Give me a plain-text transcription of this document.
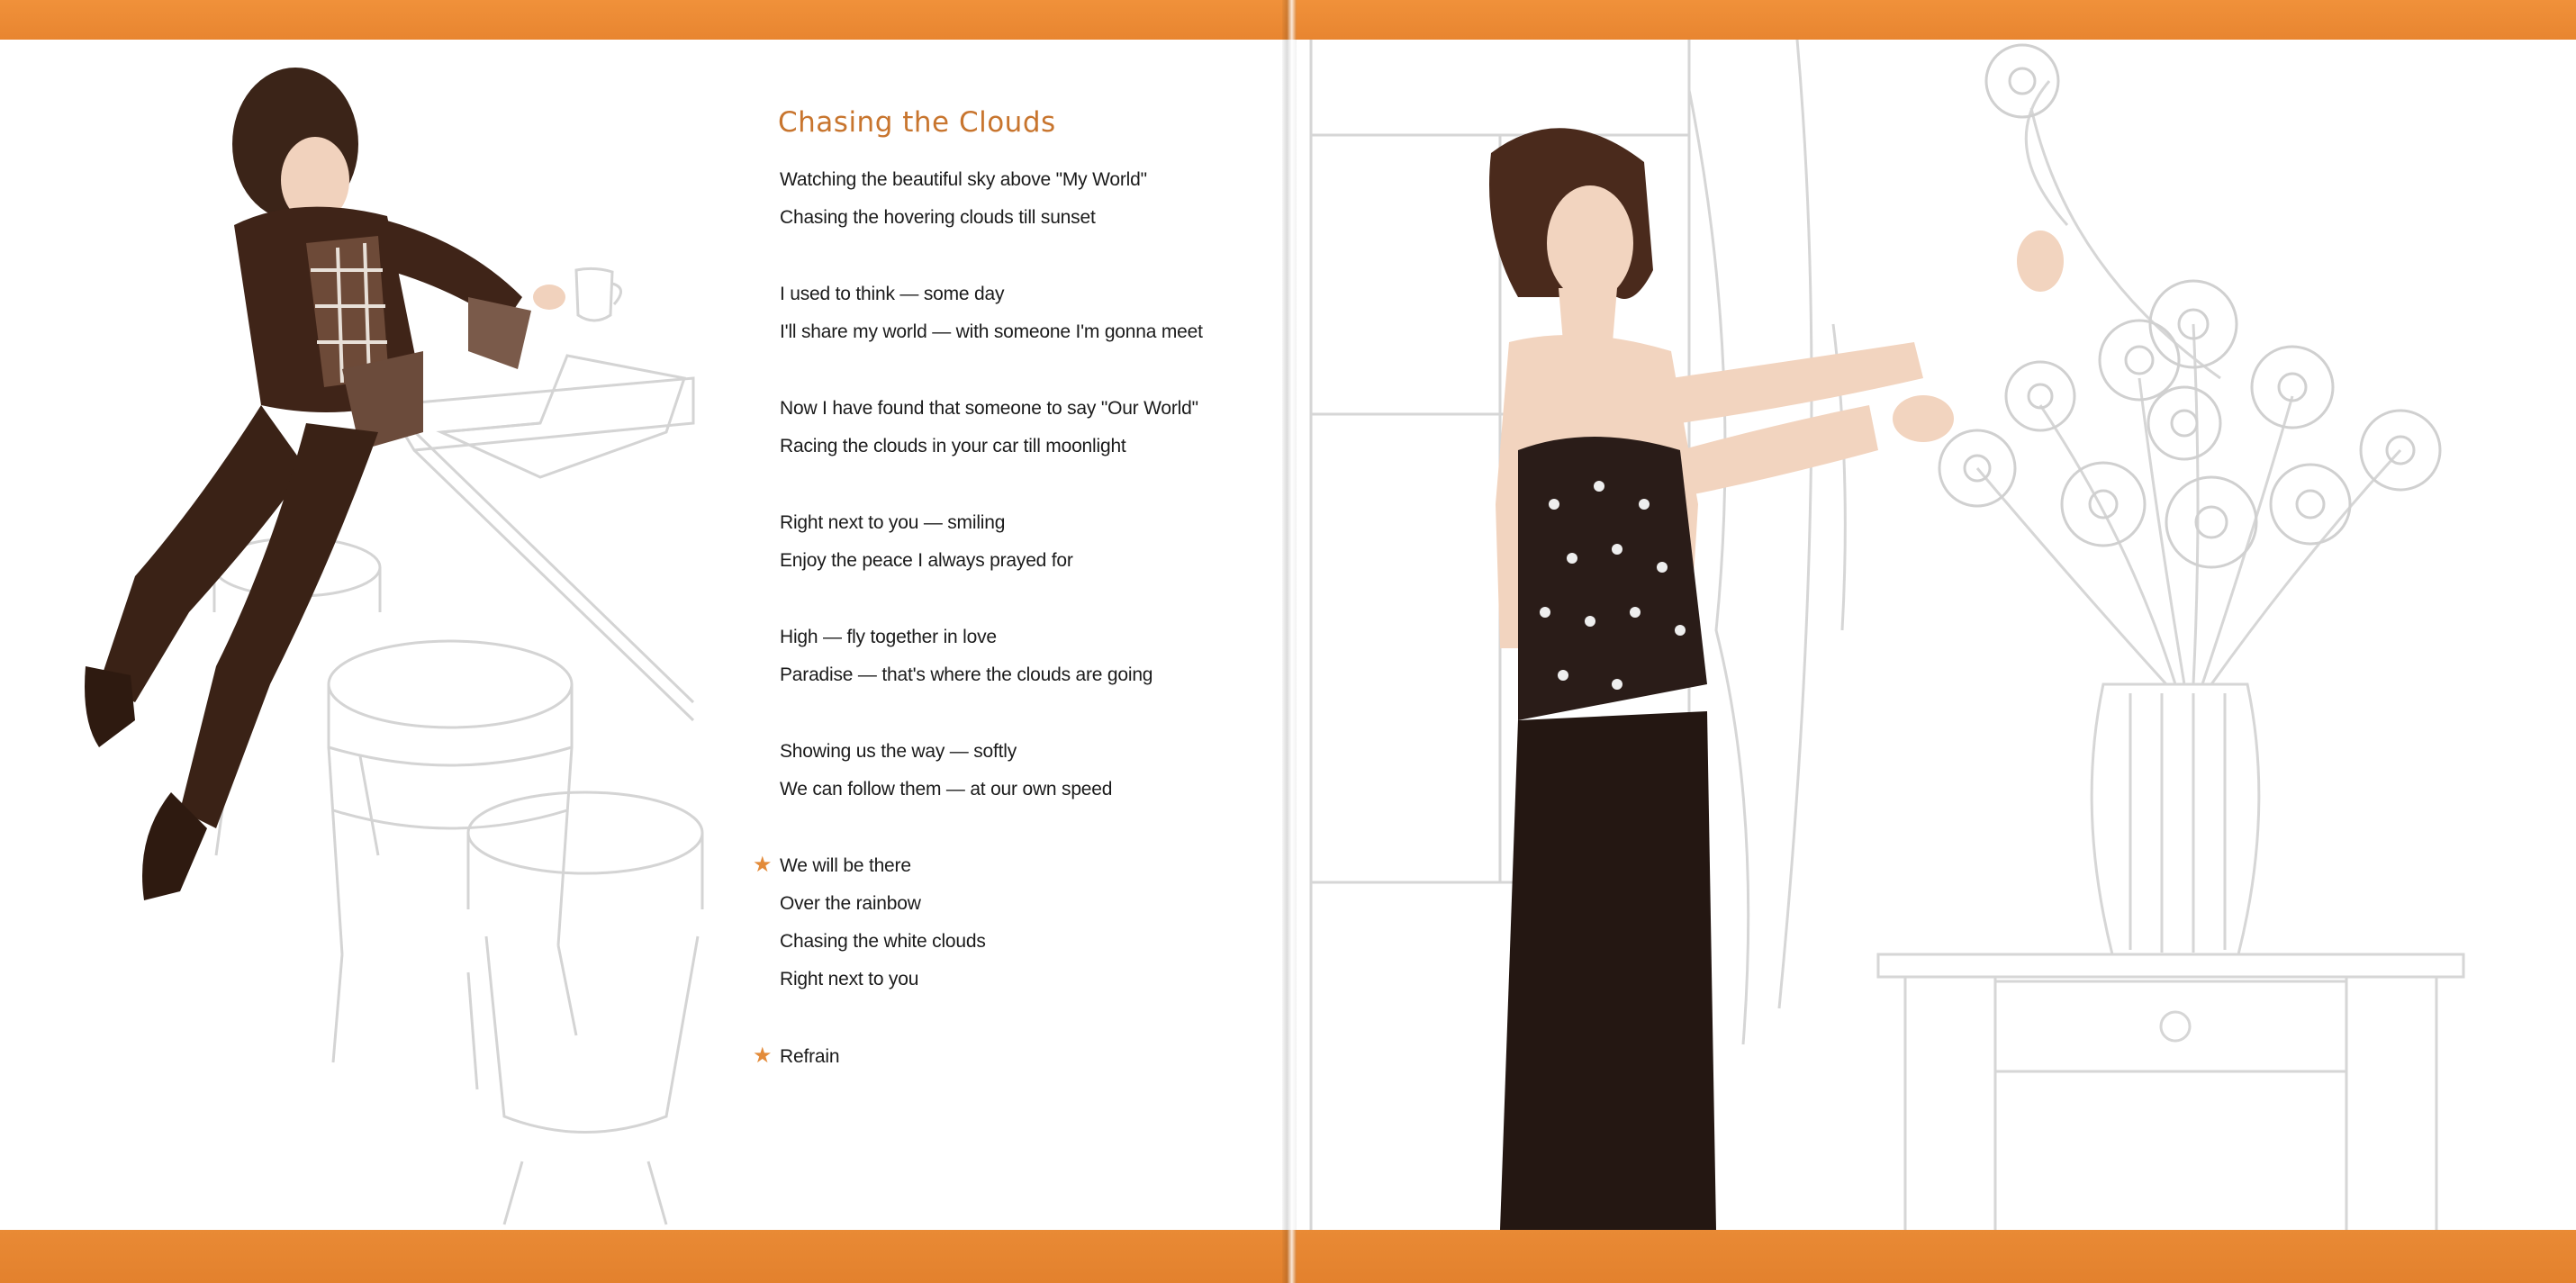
Chasing the Clouds
Watching the beautiful sky above "My World"
Chasing the hovering clouds till sunset
I used to think — some day
I'll share my world — with someone I'm gonna meet
Now I have found that someone to say "Our World"
Racing the clouds in your car till moonlight
Right next to you — smiling
Enjoy the peace I always prayed for
High — fly together in love
Paradise — that's where the clouds are going
Showing us the way — softly
We can follow them — at our own speed
★ We will be there
Over the rainbow
Chasing the white clouds
Right next to you
★ Refrain
